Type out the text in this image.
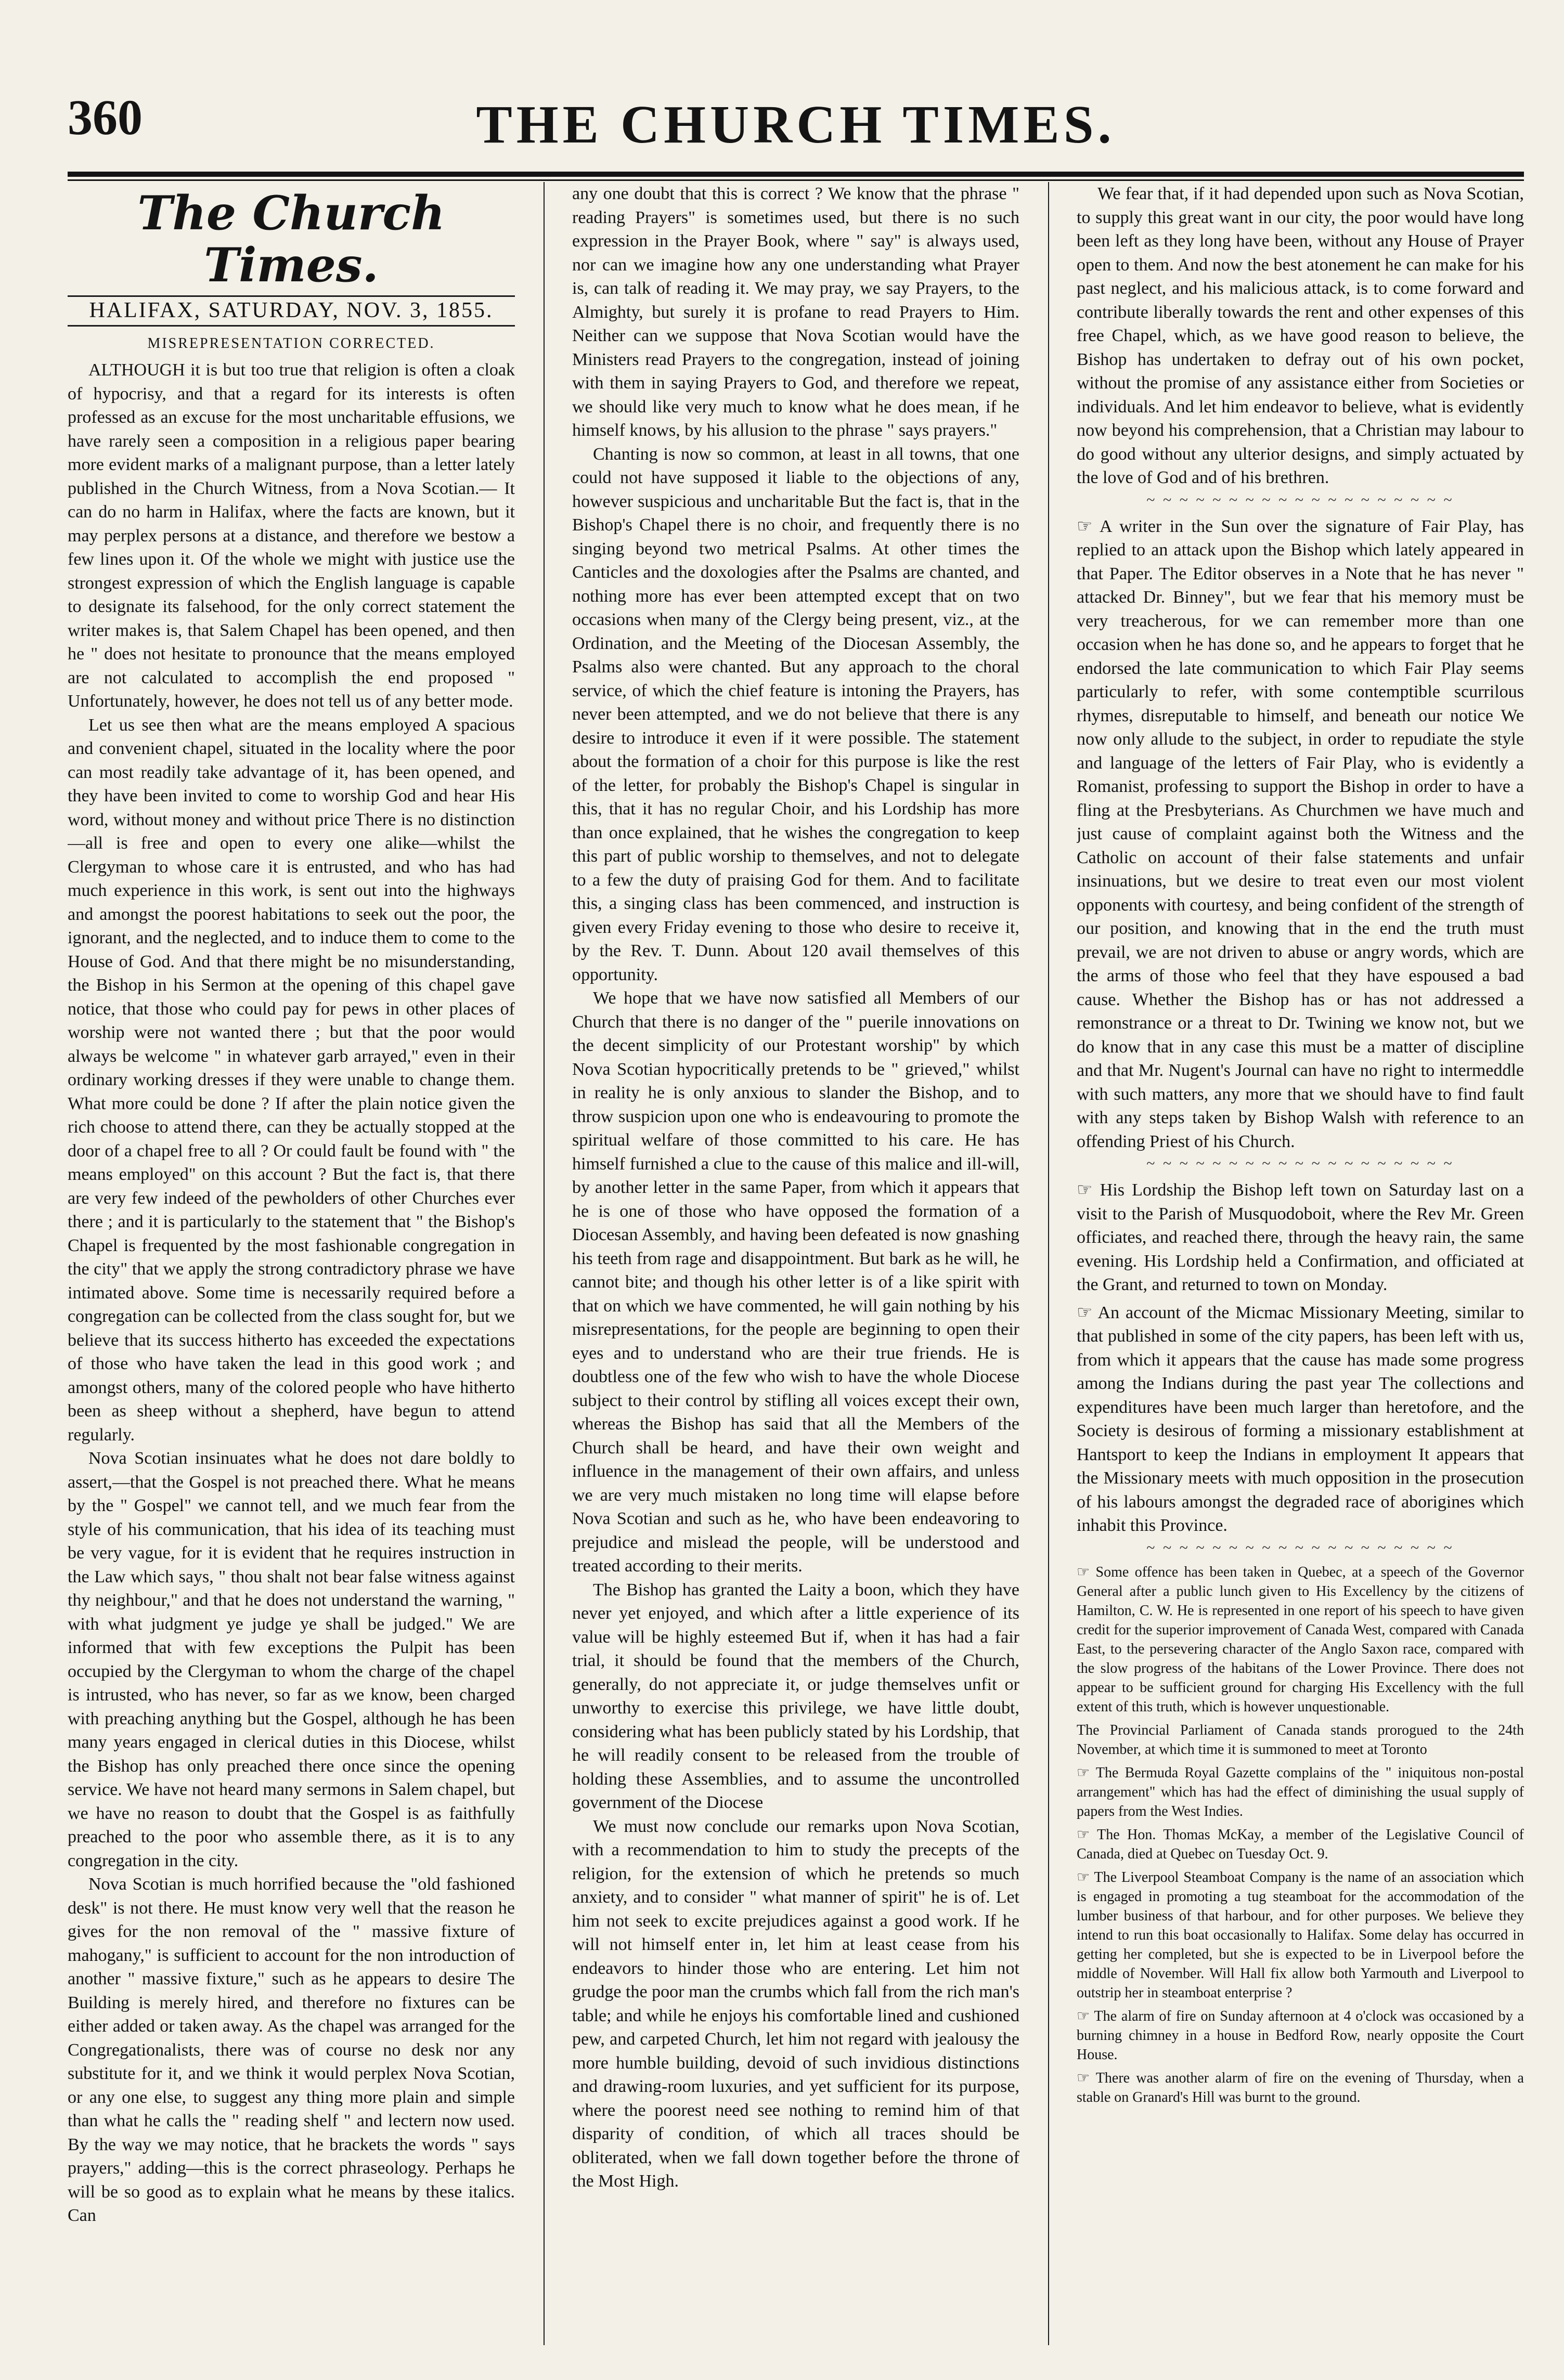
360	THE CHURCH TIMES.
The Church Times.
HALIFAX, SATURDAY, NOV. 3, 1855.
MISREPRESENTATION CORRECTED.

ALTHOUGH it is but too true that religion is often a cloak of hypocrisy, and that a regard for its interests is often professed as an excuse for the most uncharitable effusions, we have rarely seen a composition in a religious paper bearing more evident marks of a malignant purpose, than a letter lately published in the Church Witness, from a Nova Scotian.— It can do no harm in Halifax, where the facts are known, but it may perplex persons at a distance, and therefore we bestow a few lines upon it. Of the whole we might with justice use the strongest expression of which the English language is capable to designate its falsehood, for the only correct statement the writer makes is, that Salem Chapel has been opened, and then he " does not hesitate to pronounce that the means employed are not calculated to accomplish the end proposed " Unfortunately, however, he does not tell us of any better mode.

Let us see then what are the means employed A spacious and convenient chapel, situated in the locality where the poor can most readily take advantage of it, has been opened, and they have been invited to come to worship God and hear His word, without money and without price There is no distinction—all is free and open to every one alike—whilst the Clergyman to whose care it is entrusted, and who has had much experience in this work, is sent out into the highways and amongst the poorest habitations to seek out the poor, the ignorant, and the neglected, and to induce them to come to the House of God. And that there might be no misunderstanding, the Bishop in his Sermon at the opening of this chapel gave notice, that those who could pay for pews in other places of worship were not wanted there ; but that the poor would always be welcome " in whatever garb arrayed," even in their ordinary working dresses if they were unable to change them. What more could be done ? If after the plain notice given the rich choose to attend there, can they be actually stopped at the door of a chapel free to all ? Or could fault be found with " the means employed" on this account ? But the fact is, that there are very few indeed of the pewholders of other Churches ever there ; and it is particularly to the statement that " the Bishop's Chapel is frequented by the most fashionable congregation in the city" that we apply the strong contradictory phrase we have intimated above. Some time is necessarily required before a congregation can be collected from the class sought for, but we believe that its success hitherto has exceeded the expectations of those who have taken the lead in this good work ; and amongst others, many of the colored people who have hitherto been as sheep without a shepherd, have begun to attend regularly.

Nova Scotian insinuates what he does not dare boldly to assert,—that the Gospel is not preached there. What he means by the " Gospel" we cannot tell, and we much fear from the style of his communication, that his idea of its teaching must be very vague, for it is evident that he requires instruction in the Law which says, " thou shalt not bear false witness against thy neighbour," and that he does not understand the warning, " with what judgment ye judge ye shall be judged." We are informed that with few exceptions the Pulpit has been occupied by the Clergyman to whom the charge of the chapel is intrusted, who has never, so far as we know, been charged with preaching anything but the Gospel, although he has been many years engaged in clerical duties in this Diocese, whilst the Bishop has only preached there once since the opening service. We have not heard many sermons in Salem chapel, but we have no reason to doubt that the Gospel is as faithfully preached to the poor who assemble there, as it is to any congregation in the city.

Nova Scotian is much horrified because the "old fashioned desk" is not there. He must know very well that the reason he gives for the non removal of the " massive fixture of mahogany," is sufficient to account for the non introduction of another " massive fixture," such as he appears to desire The Building is merely hired, and therefore no fixtures can be either added or taken away. As the chapel was arranged for the Congregationalists, there was of course no desk nor any substitute for it, and we think it would perplex Nova Scotian, or any one else, to suggest any thing more plain and simple than what he calls the " reading shelf " and lectern now used. By the way we may notice, that he brackets the words " says prayers," adding—this is the correct phraseology. Perhaps he will be so good as to explain what he means by these italics. Can

any one doubt that this is correct ? We know that the phrase " reading Prayers" is sometimes used, but there is no such expression in the Prayer Book, where " say" is always used, nor can we imagine how any one understanding what Prayer is, can talk of reading it. We may pray, we say Prayers, to the Almighty, but surely it is profane to read Prayers to Him. Neither can we suppose that Nova Scotian would have the Ministers read Prayers to the congregation, instead of joining with them in saying Prayers to God, and therefore we repeat, we should like very much to know what he does mean, if he himself knows, by his allusion to the phrase " says prayers."

Chanting is now so common, at least in all towns, that one could not have supposed it liable to the objections of any, however suspicious and uncharitable But the fact is, that in the Bishop's Chapel there is no choir, and frequently there is no singing beyond two metrical Psalms. At other times the Canticles and the doxologies after the Psalms are chanted, and nothing more has ever been attempted except that on two occasions when many of the Clergy being present, viz., at the Ordination, and the Meeting of the Diocesan Assembly, the Psalms also were chanted. But any approach to the choral service, of which the chief feature is intoning the Prayers, has never been attempted, and we do not believe that there is any desire to introduce it even if it were possible. The statement about the formation of a choir for this purpose is like the rest of the letter, for probably the Bishop's Chapel is singular in this, that it has no regular Choir, and his Lordship has more than once explained, that he wishes the congregation to keep this part of public worship to themselves, and not to delegate to a few the duty of praising God for them. And to facilitate this, a singing class has been commenced, and instruction is given every Friday evening to those who desire to receive it, by the Rev. T. Dunn. About 120 avail themselves of this opportunity.

We hope that we have now satisfied all Members of our Church that there is no danger of the " puerile innovations on the decent simplicity of our Protestant worship" by which Nova Scotian hypocritically pretends to be " grieved," whilst in reality he is only anxious to slander the Bishop, and to throw suspicion upon one who is endeavouring to promote the spiritual welfare of those committed to his care. He has himself furnished a clue to the cause of this malice and ill-will, by another letter in the same Paper, from which it appears that he is one of those who have opposed the formation of a Diocesan Assembly, and having been defeated is now gnashing his teeth from rage and disappointment. But bark as he will, he cannot bite; and though his other letter is of a like spirit with that on which we have commented, he will gain nothing by his misrepresentations, for the people are beginning to open their eyes and to understand who are their true friends. He is doubtless one of the few who wish to have the whole Diocese subject to their control by stifling all voices except their own, whereas the Bishop has said that all the Members of the Church shall be heard, and have their own weight and influence in the management of their own affairs, and unless we are very much mistaken no long time will elapse before Nova Scotian and such as he, who have been endeavoring to prejudice and mislead the people, will be understood and treated according to their merits.

The Bishop has granted the Laity a boon, which they have never yet enjoyed, and which after a little experience of its value will be highly esteemed But if, when it has had a fair trial, it should be found that the members of the Church, generally, do not appreciate it, or judge themselves unfit or unworthy to exercise this privilege, we have little doubt, considering what has been publicly stated by his Lordship, that he will readily consent to be released from the trouble of holding these Assemblies, and to assume the uncontrolled government of the Diocese

We must now conclude our remarks upon Nova Scotian, with a recommendation to him to study the precepts of the religion, for the extension of which he pretends so much anxiety, and to consider " what manner of spirit" he is of. Let him not seek to excite prejudices against a good work. If he will not himself enter in, let him at least cease from his endeavors to hinder those who are entering. Let him not grudge the poor man the crumbs which fall from the rich man's table; and while he enjoys his comfortable lined and cushioned pew, and carpeted Church, let him not regard with jealousy the more humble building, devoid of such invidious distinctions and drawing-room luxuries, and yet sufficient for its purpose, where the poorest need see nothing to remind him of that disparity of condition, of which all traces should be obliterated, when we fall down together before the throne of the Most High.

We fear that, if it had depended upon such as Nova Scotian, to supply this great want in our city, the poor would have long been left as they long have been, without any House of Prayer open to them. And now the best atonement he can make for his past neglect, and his malicious attack, is to come forward and contribute liberally towards the rent and other expenses of this free Chapel, which, as we have good reason to believe, the Bishop has undertaken to defray out of his own pocket, without the promise of any assistance either from Societies or individuals. And let him endeavor to believe, what is evidently now beyond his comprehension, that a Christian may labour to do good without any ulterior designs, and simply actuated by the love of God and of his brethren.

~ ~ ~ ~ ~ ~ ~ ~ ~ ~ ~ ~ ~ ~ ~ ~ ~ ~ ~

☞ A writer in the Sun over the signature of Fair Play, has replied to an attack upon the Bishop which lately appeared in that Paper. The Editor observes in a Note that he has never " attacked Dr. Binney", but we fear that his memory must be very treacherous, for we can remember more than one occasion when he has done so, and he appears to forget that he endorsed the late communication to which Fair Play seems particularly to refer, with some contemptible scurrilous rhymes, disreputable to himself, and beneath our notice We now only allude to the subject, in order to repudiate the style and language of the letters of Fair Play, who is evidently a Romanist, professing to support the Bishop in order to have a fling at the Presbyterians. As Churchmen we have much and just cause of complaint against both the Witness and the Catholic on account of their false statements and unfair insinuations, but we desire to treat even our most violent opponents with courtesy, and being confident of the strength of our position, and knowing that in the end the truth must prevail, we are not driven to abuse or angry words, which are the arms of those who feel that they have espoused a bad cause. Whether the Bishop has or has not addressed a remonstrance or a threat to Dr. Twining we know not, but we do know that in any case this must be a matter of discipline and that Mr. Nugent's Journal can have no right to intermeddle with such matters, any more that we should have to find fault with any steps taken by Bishop Walsh with reference to an offending Priest of his Church.

~ ~ ~ ~ ~ ~ ~ ~ ~ ~ ~ ~ ~ ~ ~ ~ ~ ~ ~

☞ His Lordship the Bishop left town on Saturday last on a visit to the Parish of Musquodoboit, where the Rev Mr. Green officiates, and reached there, through the heavy rain, the same evening. His Lordship held a Confirmation, and officiated at the Grant, and returned to town on Monday.

☞ An account of the Micmac Missionary Meeting, similar to that published in some of the city papers, has been left with us, from which it appears that the cause has made some progress among the Indians during the past year The collections and expenditures have been much larger than heretofore, and the Society is desirous of forming a missionary establishment at Hantsport to keep the Indians in employment It appears that the Missionary meets with much opposition in the prosecution of his labours amongst the degraded race of aborigines which inhabit this Province.

~ ~ ~ ~ ~ ~ ~ ~ ~ ~ ~ ~ ~ ~ ~ ~ ~ ~ ~

☞ Some offence has been taken in Quebec, at a speech of the Governor General after a public lunch given to His Excellency by the citizens of Hamilton, C. W. He is represented in one report of his speech to have given credit for the superior improvement of Canada West, compared with Canada East, to the persevering character of the Anglo Saxon race, compared with the slow progress of the habitans of the Lower Province. There does not appear to be sufficient ground for charging His Excellency with the full extent of this truth, which is however unquestionable.

The Provincial Parliament of Canada stands prorogued to the 24th November, at which time it is summoned to meet at Toronto

☞ The Bermuda Royal Gazette complains of the " iniquitous non-postal arrangement" which has had the effect of diminishing the usual supply of papers from the West Indies.

☞ The Hon. Thomas McKay, a member of the Legislative Council of Canada, died at Quebec on Tuesday Oct. 9.

☞ The Liverpool Steamboat Company is the name of an association which is engaged in promoting a tug steamboat for the accommodation of the lumber business of that harbour, and for other purposes. We believe they intend to run this boat occasionally to Halifax. Some delay has occurred in getting her completed, but she is expected to be in Liverpool before the middle of November. Will Hall fix allow both Yarmouth and Liverpool to outstrip her in steamboat enterprise ?

☞ The alarm of fire on Sunday afternoon at 4 o'clock was occasioned by a burning chimney in a house in Bedford Row, nearly opposite the Court House.

☞ There was another alarm of fire on the evening of Thursday, when a stable on Granard's Hill was burnt to the ground.
